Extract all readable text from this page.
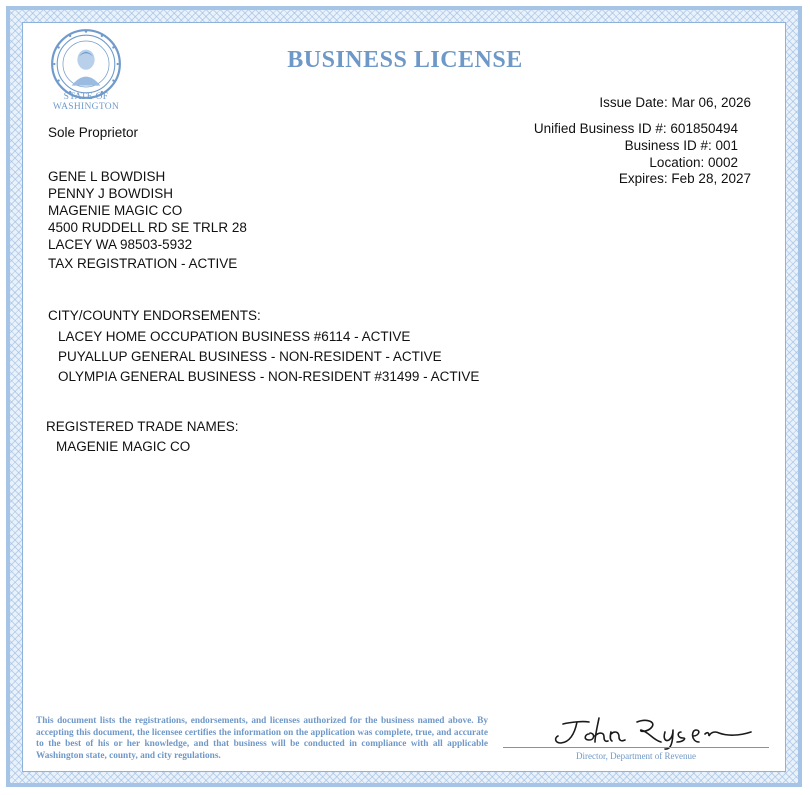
STATE OF
WASHINGTON
BUSINESS LICENSE
Issue Date: Mar 06, 2026
Unified Business ID #: 601850494
Business ID #: 001
Location: 0002
Expires: Feb 28, 2027
Sole Proprietor
GENE L BOWDISH
PENNY J BOWDISH
MAGENIE MAGIC CO
4500 RUDDELL RD SE TRLR 28
LACEY WA 98503-5932
TAX REGISTRATION - ACTIVE
CITY/COUNTY ENDORSEMENTS:
LACEY HOME OCCUPATION BUSINESS #6114 - ACTIVE
PUYALLUP GENERAL BUSINESS - NON-RESIDENT - ACTIVE
OLYMPIA GENERAL BUSINESS - NON-RESIDENT #31499 - ACTIVE
REGISTERED TRADE NAMES:
MAGENIE MAGIC CO
This document lists the registrations, endorsements, and licenses authorized for the business named above. By accepting this document, the licensee certifies the information on the application was complete, true, and accurate to the best of his or her knowledge, and that business will be conducted in compliance with all applicable Washington state, county, and city regulations.	Director, Department of Revenue
